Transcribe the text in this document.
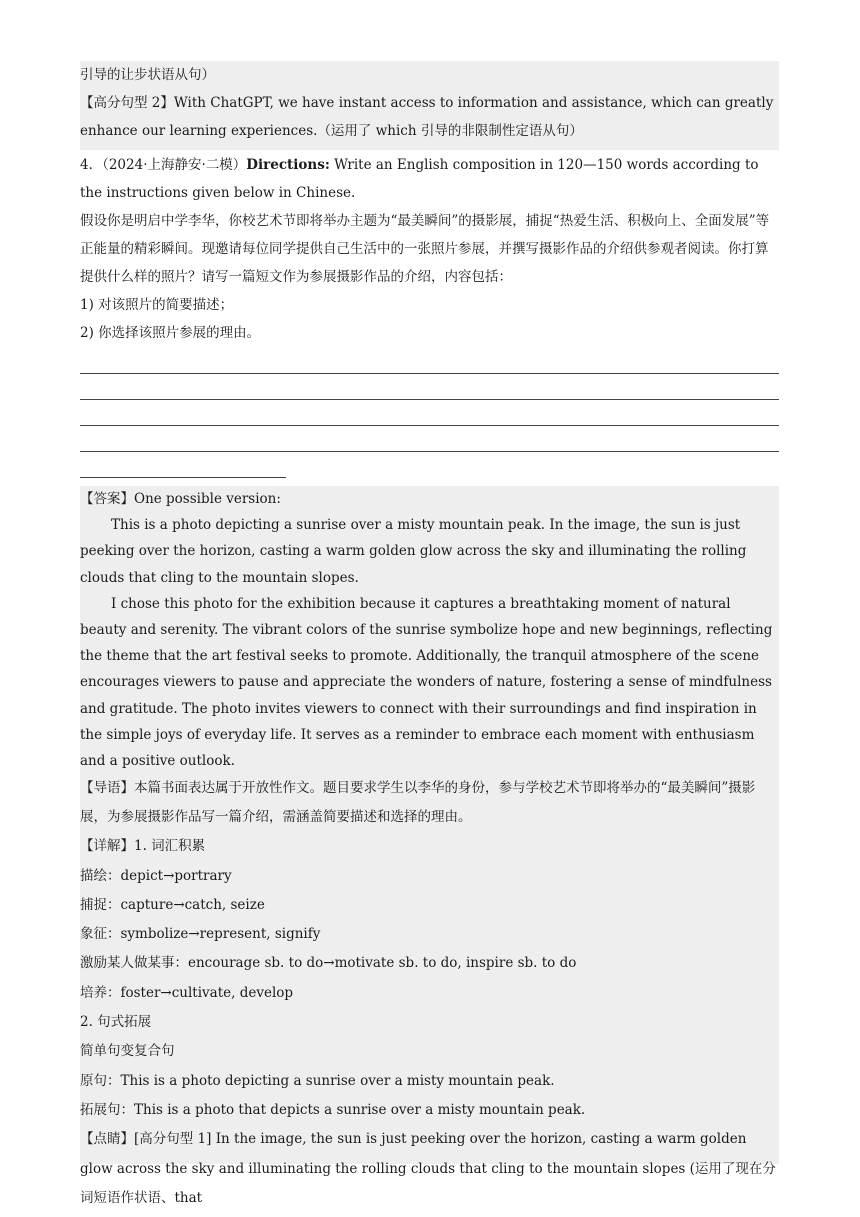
引导的让步状语从句）

【高分句型 2】With ChatGPT, we have instant access to information and assistance, which can greatly enhance our learning experiences.（运用了 which 引导的非限制性定语从句）

4．（2024·上海静安·二模）Directions: Write an English composition in 120—150 words according to the instructions given below in Chinese.

假设你是明启中学李华，你校艺术节即将举办主题为“最美瞬间”的摄影展，捕捉“热爱生活、积极向上、全面发展”等正能量的精彩瞬间。现邀请每位同学提供自己生活中的一张照片参展，并撰写摄影作品的介绍供参观者阅读。你打算提供什么样的照片？请写一篇短文作为参展摄影作品的介绍，内容包括：

1) 对该照片的简要描述；

2) 你选择该照片参展的理由。

【答案】One possible version:

This is a photo depicting a sunrise over a misty mountain peak. In the image, the sun is just peeking over the horizon, casting a warm golden glow across the sky and illuminating the rolling clouds that cling to the mountain slopes.

I chose this photo for the exhibition because it captures a breathtaking moment of natural beauty and serenity. The vibrant colors of the sunrise symbolize hope and new beginnings, reflecting the theme that the art festival seeks to promote. Additionally, the tranquil atmosphere of the scene encourages viewers to pause and appreciate the wonders of nature, fostering a sense of mindfulness and gratitude. The photo invites viewers to connect with their surroundings and find inspiration in the simple joys of everyday life. It serves as a reminder to embrace each moment with enthusiasm and a positive outlook.

【导语】本篇书面表达属于开放性作文。题目要求学生以李华的身份，参与学校艺术节即将举办的“最美瞬间”摄影展，为参展摄影作品写一篇介绍，需涵盖简要描述和选择的理由。

【详解】1. 词汇积累

描绘：depict→portrary

捕捉：capture→catch, seize

象征：symbolize→represent, signify

激励某人做某事：encourage sb. to do→motivate sb. to do, inspire sb. to do

培养：foster→cultivate, develop

2. 句式拓展

简单句变复合句

原句：This is a photo depicting a sunrise over a misty mountain peak.

拓展句：This is a photo that depicts a sunrise over a misty mountain peak.

【点睛】[高分句型 1] In the image, the sun is just peeking over the horizon, casting a warm golden glow across the sky and illuminating the rolling clouds that cling to the mountain slopes (运用了现在分词短语作状语、that
